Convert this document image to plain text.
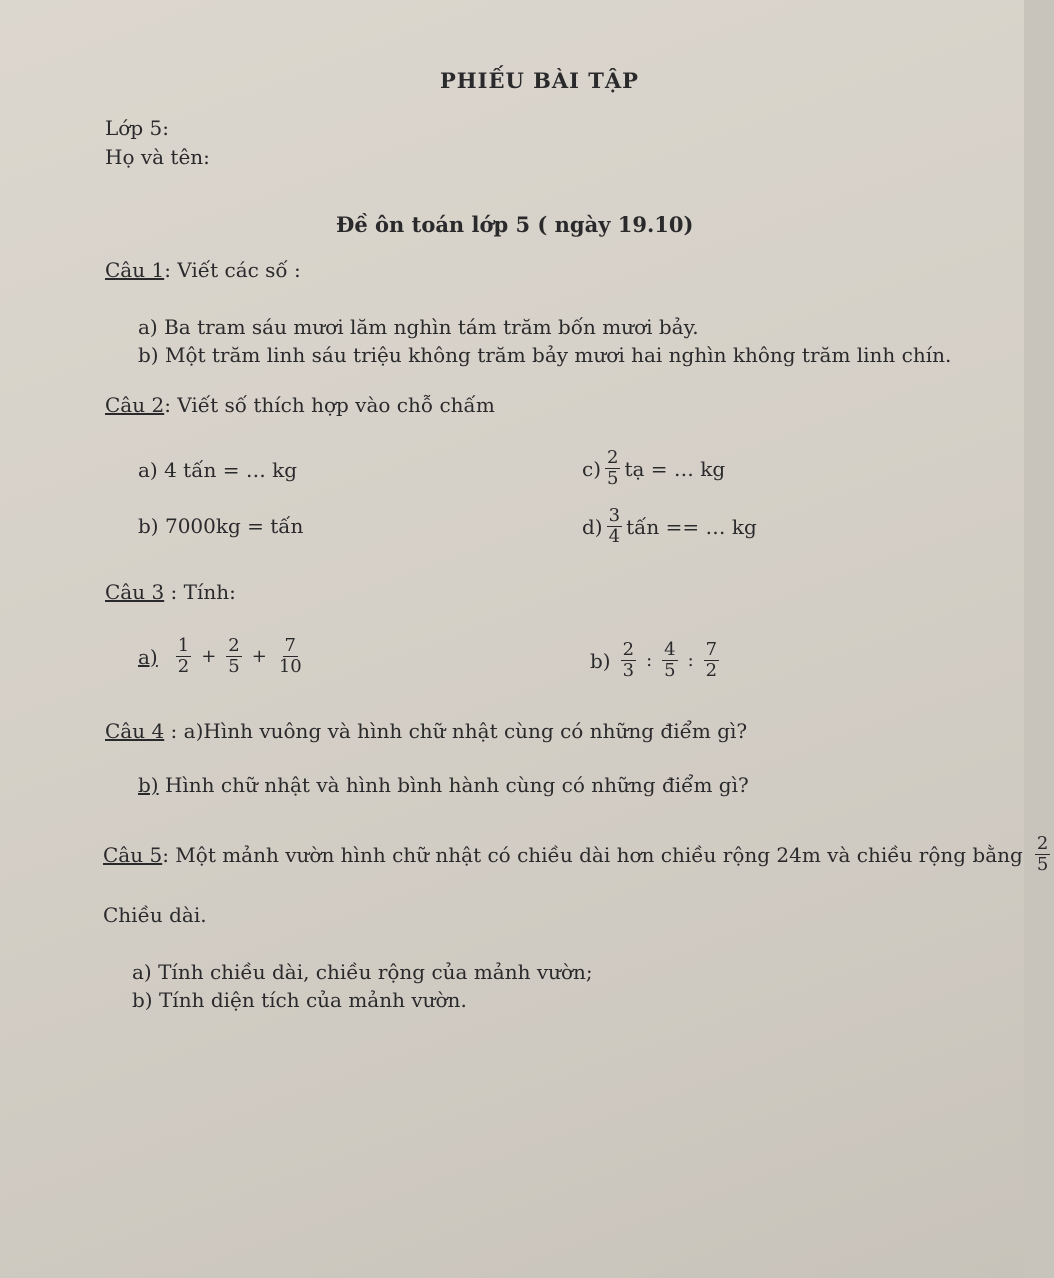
PHIẾU BÀI TẬP
Lớp 5:
Họ và tên:
Đề ôn toán lớp 5 ( ngày 19.10)
Câu 1: Viết các số :
a) Ba tram sáu mươi lăm nghìn tám trăm bốn mươi bảy.
b) Một trăm linh sáu triệu không trăm bảy mươi hai nghìn không trăm linh chín.
Câu 2: Viết số thích hợp vào chỗ chấm
a) 4 tấn = … kg	$c) \frac{2}{5}$ tạ = … kg
b) 7000kg = tấn	$d) \frac{3}{4}$ tấn == … kg
Câu 3 : Tính:
$a) \frac{1}{2} + \frac{2}{5} + \frac{7}{10}$	$b) \frac{2}{3}$ : $\frac{4}{5}$ : $\frac{7}{2}$
Câu 4 : a)Hình vuông và hình chữ nhật cùng có những điểm gì?
b) Hình chữ nhật và hình bình hành cùng có những điểm gì?
Câu 5 : Một mảnh vườn hình chữ nhật có chiều dài hơn chiều rộng 24m và chiều rộng bằng $\frac{2}{5}$
Chiều dài.
a) Tính chiều dài, chiều rộng của mảnh vườn;
b) Tính diện tích của mảnh vườn.
